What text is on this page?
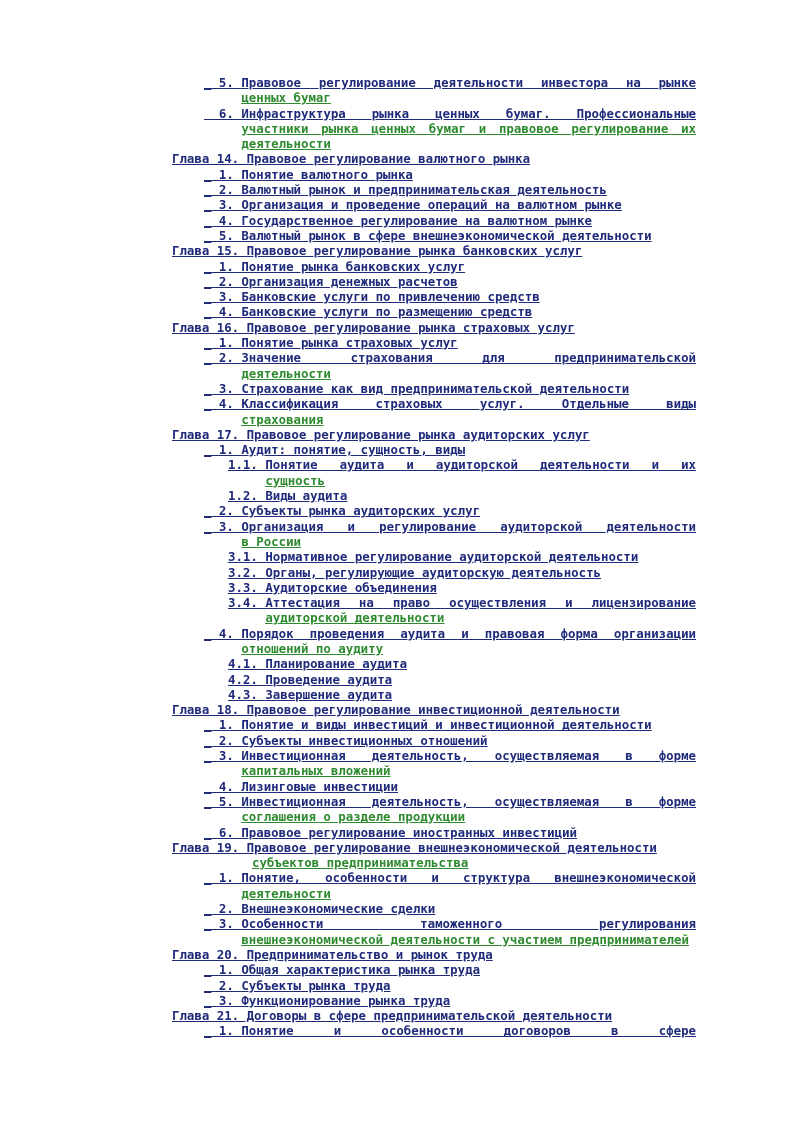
_ 5. Правовое регулирование деятельности инвестора на рынке
ценных бумаг
6. Инфраструктура рынка ценных бумаг. Профессиональные
участники рынка ценных бумаг и правовое регулирование их деятельности
Глава 14. Правовое регулирование валютного рынка
_ 1. Понятие валютного рынка
_ 2. Валютный рынок и предпринимательская деятельность
_ 3. Организация и проведение операций на валютном рынке
_ 4. Государственное регулирование на валютном рынке
_ 5. Валютный рынок в сфере внешнеэкономической деятельности
Глава 15. Правовое регулирование рынка банковских услуг
_ 1. Понятие рынка банковских услуг
_ 2. Организация денежных расчетов
_ 3. Банковские услуги по привлечению средств
_ 4. Банковские услуги по размещению средств
Глава 16. Правовое регулирование рынка страховых услуг
_ 1. Понятие рынка страховых услуг
_ 2. Значение страхования для предпринимательской
деятельности
_ 3. Страхование как вид предпринимательской деятельности
_ 4. Классификация страховых услуг. Отдельные виды
страхования
Глава 17. Правовое регулирование рынка аудиторских услуг
_ 1. Аудит: понятие, сущность, виды
1.1. Понятие аудита и аудиторской деятельности и их
сущность
1.2. Виды аудита
_ 2. Субъекты рынка аудиторских услуг
_ 3. Организация и регулирование аудиторской деятельности
в России
3.1. Нормативное регулирование аудиторской деятельности
3.2. Органы, регулирующие аудиторскую деятельность
3.3. Аудиторские объединения
3.4. Аттестация на право осуществления и лицензирование
аудиторской деятельности
_ 4. Порядок проведения аудита и правовая форма организации
отношений по аудиту
4.1. Планирование аудита
4.2. Проведение аудита
4.3. Завершение аудита
Глава 18. Правовое регулирование инвестиционной деятельности
_ 1. Понятие и виды инвестиций и инвестиционной деятельности
_ 2. Субъекты инвестиционных отношений
_ 3. Инвестиционная деятельность, осуществляемая в форме
капитальных вложений
_ 4. Лизинговые инвестиции
_ 5. Инвестиционная деятельность, осуществляемая в форме
соглашения о разделе продукции
_ 6. Правовое регулирование иностранных инвестиций
Глава 19. Правовое регулирование внешнеэкономической деятельности
субъектов предпринимательства
_ 1. Понятие, особенности и структура внешнеэкономической
деятельности
_ 2. Внешнеэкономические сделки
_ 3. Особенности таможенного регулирования
внешнеэкономической деятельности с участием предпринимателей
Глава 20. Предпринимательство и рынок труда
_ 1. Общая характеристика рынка труда
_ 2. Субъекты рынка труда
_ 3. Функционирование рынка труда
Глава 21. Договоры в сфере предпринимательской деятельности
_ 1. Понятие и особенности договоров в сфере
